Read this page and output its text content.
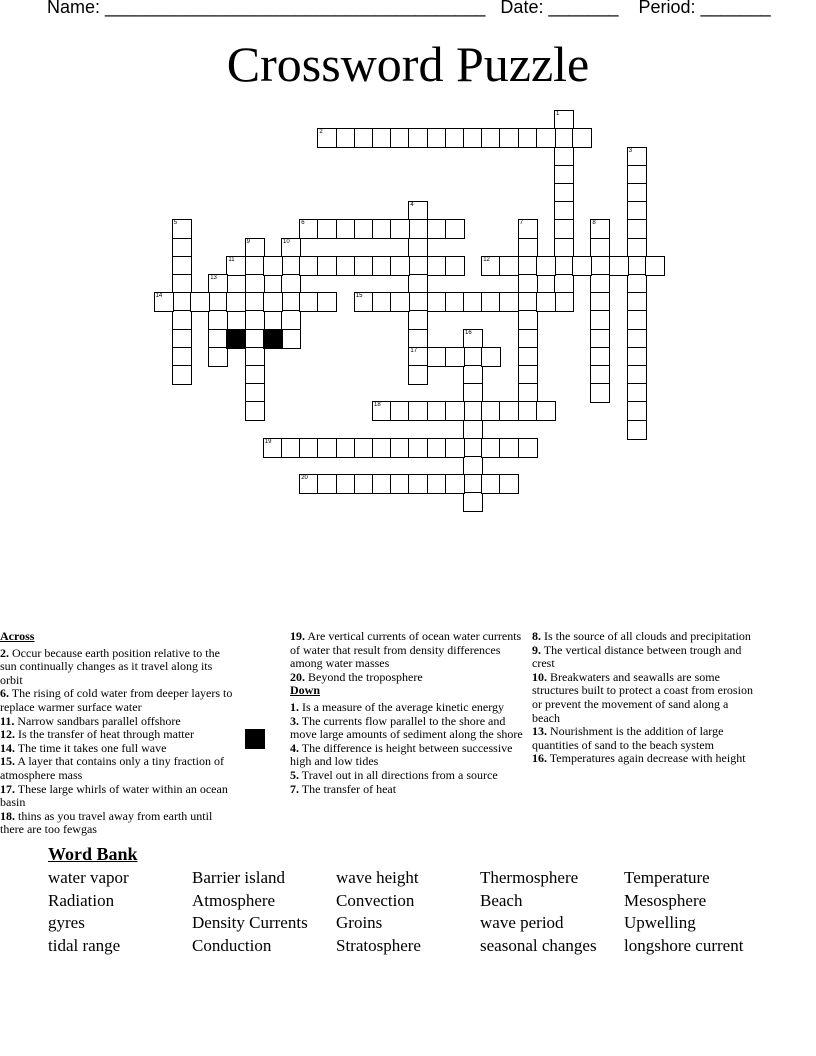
Name: ______________________________________   Date: _______    Period: _______
Crossword Puzzle
1
2
3
4
17
5	6	7	8
9	10
11	12
13
14	15
16
18
19
20

Across

2. Occur because earth position relative to the sun continually changes as it travel along its orbit

6. The rising of cold water from deeper layers to replace warmer surface water

11. Narrow sandbars parallel offshore

12. Is the transfer of heat through matter

14. The time it takes one full wave

15. A layer that contains only a tiny fraction of atmosphere mass

17. These large whirls of water within an ocean basin

18. thins as you travel away from earth until there are too fewgas

19. Are vertical currents of ocean water currents of water that result from density differences among water masses

20. Beyond the troposphere

Down

1. Is a measure of the average kinetic energy

3. The currents flow parallel to the shore and move large amounts of sediment along the shore

4. The difference is height between successive high and low tides

5. Travel out in all directions from a source

7. The transfer of heat

8. Is the source of all clouds and precipitation

9. The vertical distance between trough and crest

10. Breakwaters and seawalls are some structures built to protect a coast from erosion or prevent the movement of sand along a beach

13. Nourishment is the addition of large quantities of sand to the beach system

16. Temperatures again decrease with height

Word Bank
water vapor	Barrier island	wave height	Thermosphere	Temperature
Radiation	Atmosphere	Convection	Beach	Mesosphere
gyres	Density Currents	Groins	wave period	Upwelling
tidal range	Conduction	Stratosphere	seasonal changes	longshore current
